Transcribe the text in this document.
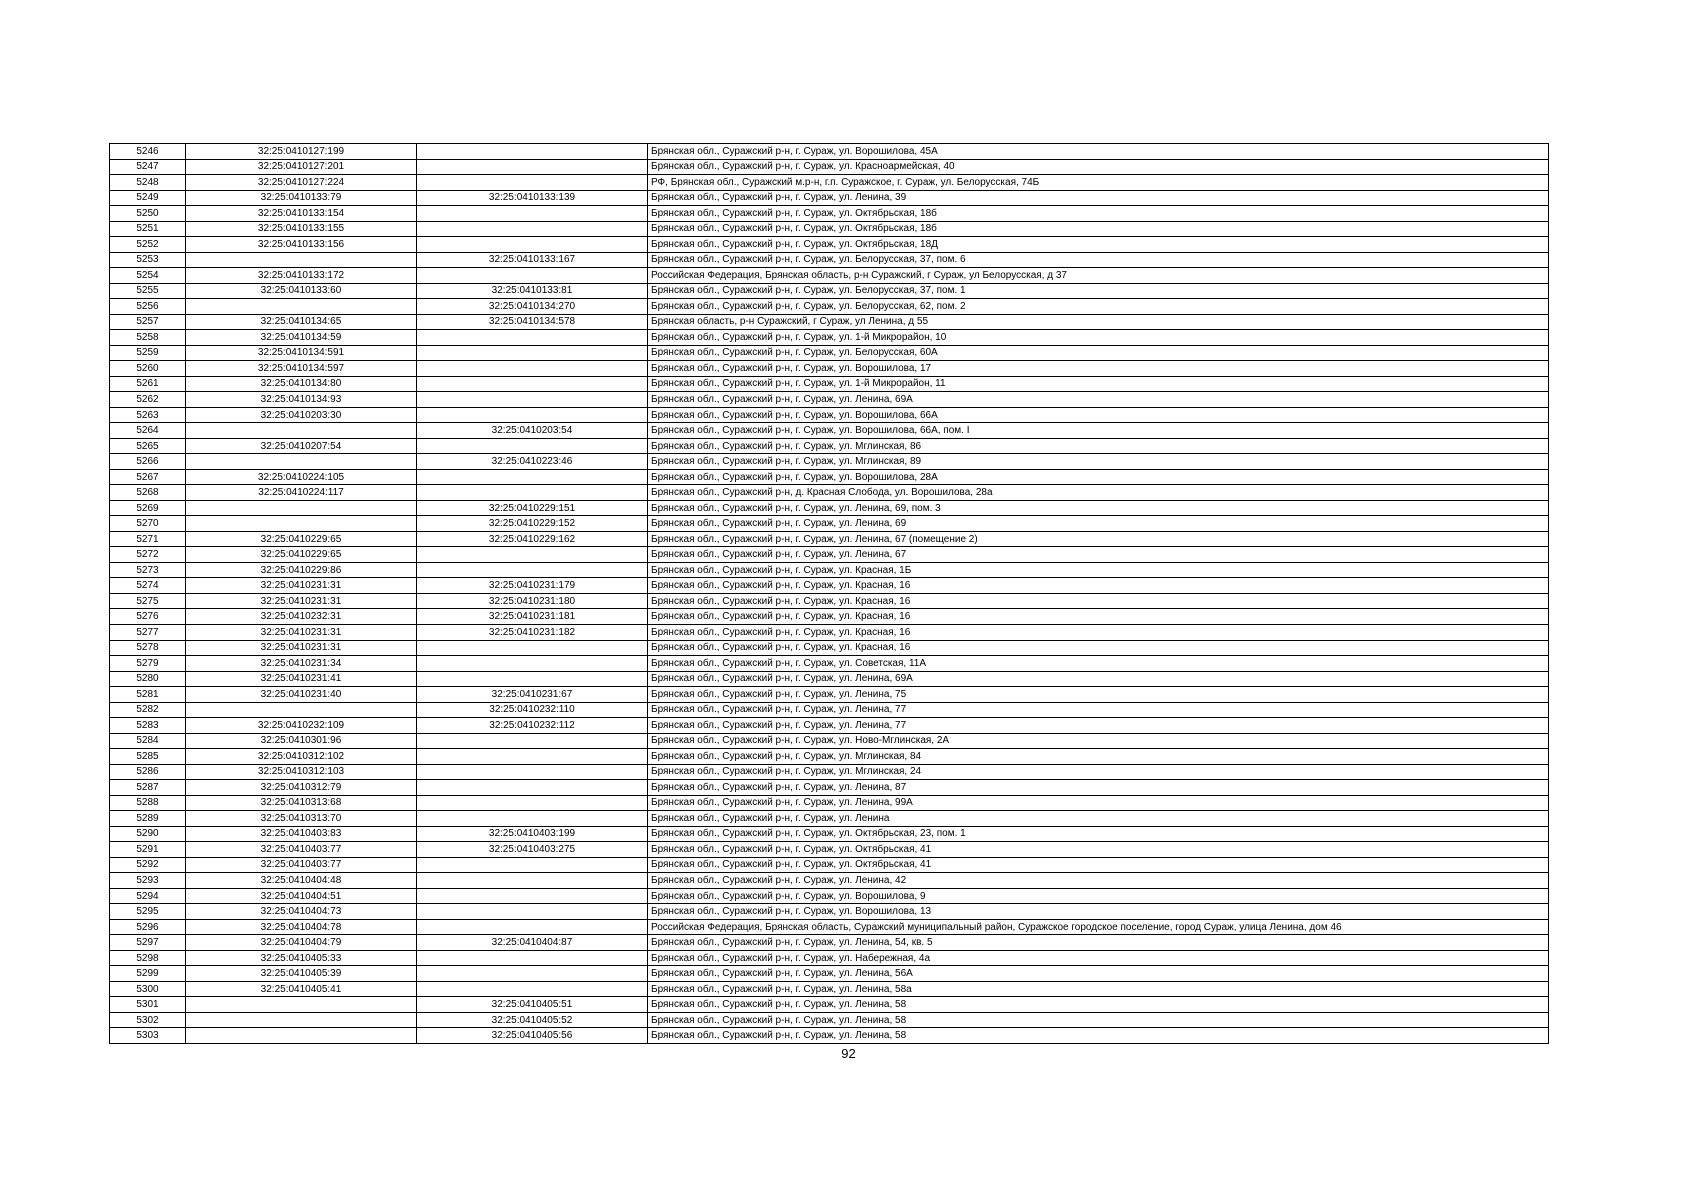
5246	32:25:0410127:199		Брянская обл., Суражский р-н, г. Сураж, ул. Ворошилова, 45А
5247	32:25:0410127:201		Брянская обл., Суражский р-н, г. Сураж, ул. Красноармейская, 40
5248	32:25:0410127:224		РФ, Брянская обл., Суражский м.р-н, г.п. Суражское, г. Сураж, ул. Белорусская, 74Б
5249	32:25:0410133:79	32:25:0410133:139	Брянская обл., Суражский р-н, г. Сураж, ул. Ленина, 39
5250	32:25:0410133:154		Брянская обл., Суражский р-н, г. Сураж, ул. Октябрьская, 18б
5251	32:25:0410133:155		Брянская обл., Суражский р-н, г. Сураж, ул. Октябрьская, 18б
5252	32:25:0410133:156		Брянская обл., Суражский р-н, г. Сураж, ул. Октябрьская, 18Д
5253		32:25:0410133:167	Брянская обл., Суражский р-н, г. Сураж, ул. Белорусская, 37, пом. 6
5254	32:25:0410133:172		Российская Федерация, Брянская область, р-н Суражский, г Сураж, ул Белорусская, д 37
5255	32:25:0410133:60	32:25:0410133:81	Брянская обл., Суражский р-н, г. Сураж, ул. Белорусская, 37, пом. 1
5256		32:25:0410134:270	Брянская обл., Суражский р-н, г. Сураж, ул. Белорусская, 62, пом. 2
5257	32:25:0410134:65	32:25:0410134:578	Брянская область, р-н Суражский, г Сураж, ул Ленина, д 55
5258	32:25:0410134:59		Брянская обл., Суражский р-н, г. Сураж, ул. 1-й Микрорайон, 10
5259	32:25:0410134:591		Брянская обл., Суражский р-н, г. Сураж, ул. Белорусская, 60А
5260	32:25:0410134:597		Брянская обл., Суражский р-н, г. Сураж, ул. Ворошилова, 17
5261	32:25:0410134:80		Брянская обл., Суражский р-н, г. Сураж, ул. 1-й Микрорайон, 11
5262	32:25:0410134:93		Брянская обл., Суражский р-н, г. Сураж, ул. Ленина, 69А
5263	32:25:0410203:30		Брянская обл., Суражский р-н, г. Сураж, ул. Ворошилова, 66А
5264		32:25:0410203:54	Брянская обл., Суражский р-н, г. Сураж, ул. Ворошилова, 66А, пом. I
5265	32:25:0410207:54		Брянская обл., Суражский р-н, г. Сураж, ул. Мглинская, 86
5266		32:25:0410223:46	Брянская обл., Суражский р-н, г. Сураж, ул. Мглинская, 89
5267	32:25:0410224:105		Брянская обл., Суражский р-н, г. Сураж, ул. Ворошилова, 28А
5268	32:25:0410224:117		Брянская обл., Суражский р-н, д. Красная Слобода, ул. Ворошилова, 28а
5269		32:25:0410229:151	Брянская обл., Суражский р-н, г. Сураж, ул. Ленина, 69, пом. 3
5270		32:25:0410229:152	Брянская обл., Суражский р-н, г. Сураж, ул. Ленина, 69
5271	32:25:0410229:65	32:25:0410229:162	Брянская обл., Суражский р-н, г. Сураж, ул. Ленина, 67 (помещение 2)
5272	32:25:0410229:65		Брянская обл., Суражский р-н, г. Сураж, ул. Ленина, 67
5273	32:25:0410229:86		Брянская обл., Суражский р-н, г. Сураж, ул. Красная, 1Б
5274	32:25:0410231:31	32:25:0410231:179	Брянская обл., Суражский р-н, г. Сураж, ул. Красная, 16
5275	32:25:0410231:31	32:25:0410231:180	Брянская обл., Суражский р-н, г. Сураж, ул. Красная, 16
5276	32:25:0410232:31	32:25:0410231:181	Брянская обл., Суражский р-н, г. Сураж, ул. Красная, 16
5277	32:25:0410231:31	32:25:0410231:182	Брянская обл., Суражский р-н, г. Сураж, ул. Красная, 16
5278	32:25:0410231:31		Брянская обл., Суражский р-н, г. Сураж, ул. Красная, 16
5279	32:25:0410231:34		Брянская обл., Суражский р-н, г. Сураж, ул. Советская, 11А
5280	32:25:0410231:41		Брянская обл., Суражский р-н, г. Сураж, ул. Ленина, 69А
5281	32:25:0410231:40	32:25:0410231:67	Брянская обл., Суражский р-н, г. Сураж, ул. Ленина, 75
5282		32:25:0410232:110	Брянская обл., Суражский р-н, г. Сураж, ул. Ленина, 77
5283	32:25:0410232:109	32:25:0410232:112	Брянская обл., Суражский р-н, г. Сураж, ул. Ленина, 77
5284	32:25:0410301:96		Брянская обл., Суражский р-н, г. Сураж, ул. Ново-Мглинская, 2А
5285	32:25:0410312:102		Брянская обл., Суражский р-н, г. Сураж, ул. Мглинская, 84
5286	32:25:0410312:103		Брянская обл., Суражский р-н, г. Сураж, ул. Мглинская, 24
5287	32:25:0410312:79		Брянская обл., Суражский р-н, г. Сураж, ул. Ленина, 87
5288	32:25:0410313:68		Брянская обл., Суражский р-н, г. Сураж, ул. Ленина, 99А
5289	32:25:0410313:70		Брянская обл., Суражский р-н, г. Сураж, ул. Ленина
5290	32:25:0410403:83	32:25:0410403:199	Брянская обл., Суражский р-н, г. Сураж, ул. Октябрьская, 23, пом. 1
5291	32:25:0410403:77	32:25:0410403:275	Брянская обл., Суражский р-н, г. Сураж, ул. Октябрьская, 41
5292	32:25:0410403:77		Брянская обл., Суражский р-н, г. Сураж, ул. Октябрьская, 41
5293	32:25:0410404:48		Брянская обл., Суражский р-н, г. Сураж, ул. Ленина, 42
5294	32:25:0410404:51		Брянская обл., Суражский р-н, г. Сураж, ул. Ворошилова, 9
5295	32:25:0410404:73		Брянская обл., Суражский р-н, г. Сураж, ул. Ворошилова, 13
5296	32:25:0410404:78		Российская Федерация, Брянская область, Суражский муниципальный район, Суражское городское поселение, город Сураж, улица Ленина, дом 46
5297	32:25:0410404:79	32:25:0410404:87	Брянская обл., Суражский р-н, г. Сураж, ул. Ленина, 54, кв. 5
5298	32:25:0410405:33		Брянская обл., Суражский р-н, г. Сураж, ул. Набережная, 4а
5299	32:25:0410405:39		Брянская обл., Суражский р-н, г. Сураж, ул. Ленина, 56А
5300	32:25:0410405:41		Брянская обл., Суражский р-н, г. Сураж, ул. Ленина, 58а
5301		32:25:0410405:51	Брянская обл., Суражский р-н, г. Сураж, ул. Ленина, 58
5302		32:25:0410405:52	Брянская обл., Суражский р-н, г. Сураж, ул. Ленина, 58
5303		32:25:0410405:56	Брянская обл., Суражский р-н, г. Сураж, ул. Ленина, 58
92
